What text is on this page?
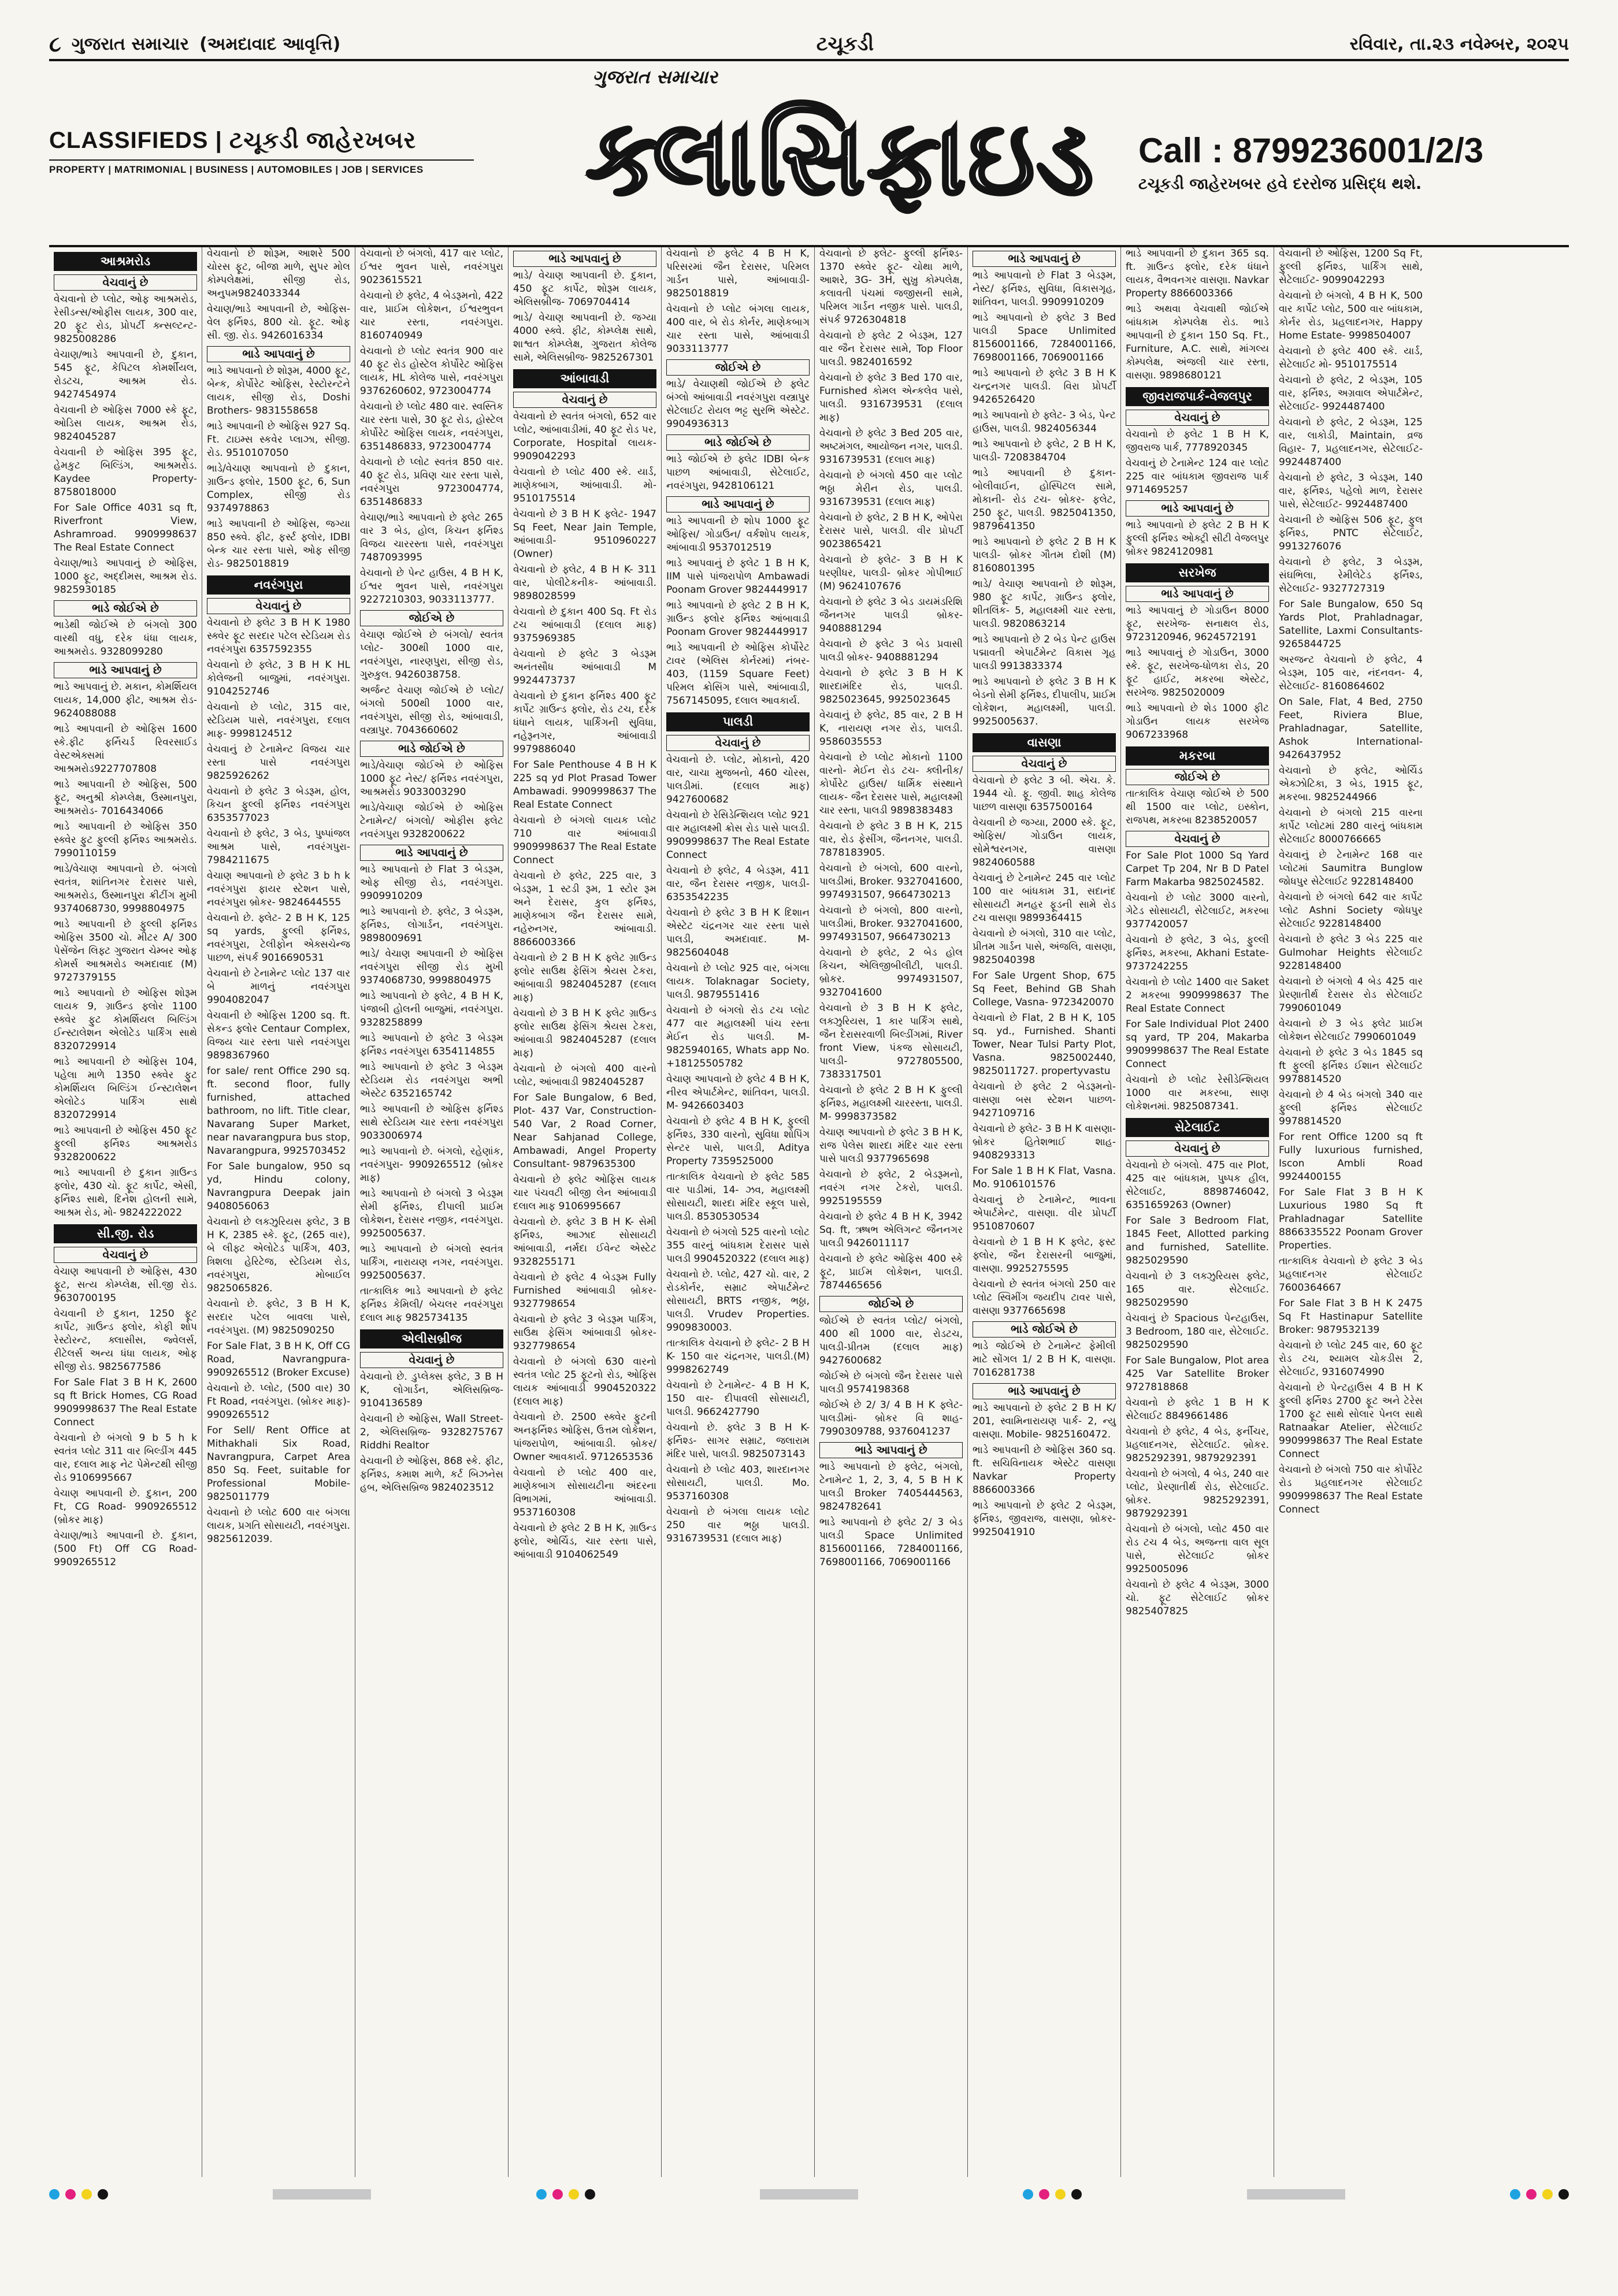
૮ ગુજરાત સમાચાર (અમદાવાદ આવૃત્તિ)	ટચૂકડી	રવિવાર, તા.૨૩ નવેમ્બર, ૨૦૨૫
CLASSIFIEDS | ટચૂકડી જાહેરખબર
PROPERTY | MATRIMONIAL | BUSINESS | AUTOMOBILES | JOB | SERVICES
ગુજરાત સમાચાર
ક્લાસિફાઇડ	Call : 8799236001/2/3
ટચૂકડી જાહેરખબર હવે દરરોજ પ્રસિદ્ધ થશે.
આશ્રમરોડ
વેચવાનું છે
વેચવાનો છે પ્લોટ, ઓફ આશ્રમરોડ, રેસીડન્સ/ઓફીસ લાયક, 300 વાર, 20 ફૂટ રોડ, પ્રોપર્ટી ક્ન્સલ્ટન્ટ- 9825008286
વેચાણ/ભાડે આપવાની છે, દુકાન, 545 ફૂટ, કેપિટલ કોમર્શીયલ, રોડટચ, આશ્રમ રોડ. 9427454974
વેચવાની છે ઓફિસ 7000 સ્કે ફૂટ, ઓડિસ લાયક, આશ્રમ રોડ, 9824045287
વેચવાની છે ઓફિસ 395 ફૂટ, હેમકુટ બિલ્ડિંગ, આશ્રમરોડ. Kaydee Property- 8758018000
For Sale Office 4031 sq ft, Riverfront View, Ashramroad. 9909998637 The Real Estate Connect
વેચાણ/ભાડે આપવાનું છે ઓફિસ, 1000 ફૂટ, અદ્દીમસ, આશ્રમ રોડ. 9825930185
ભાડે જોઈએ છે
ભાડેથી જોઈએ છે બંગલો 300 વારથી વધુ, દરેક ધંધા લાયક, આશ્રમરોડ. 9328099280
ભાડે આપવાનું છે
ભાડે આપવાનું છે. મકાન, કોમર્શિયલ લાયક, 14,000 ફીટ, આશ્રમ રોડ- 9624088088
ભાડે આપવાની છે ઓફિસ 1600 સ્કે.ફીટ ફર્નિચર્ડ રિવરસાઈડ વેસ્ટએક્સમાં આશ્રમરોડ9227707808
ભાડે આપવાની છે ઓફિસ, 500 ફૂટ, અનુશ્રી કોમ્પ્લેક્ષ, ઉસ્માનપુરા, આશ્રમરોડ- 7016434066
ભાડે આપવાની છે ઓફિસ 350 સ્ક્વેર ફુટ ફુલ્લી ફર્નિશ્ડ આશ્રમરોડ. 7990110159
ભાડે/વેચાણ આપવાનો છે. બંગલો સ્વતંત્ર, શાંતિનગર દેરાસર પાસે, આશ્રમરોડ, ઉસ્માનપુરા ક્રીટીંગ મુખી 9374068730, 9998804975
ભાડે આપવાની છે ફુલ્લી ફર્નિશ્ડ ઓફિસ 3500 ચો. મીટર A/ 300 પેસેંજેન લિફ્ટ ગુજરાત ચેમ્બર ઓફ કોમર્સ આશ્રમરોડ અમદાવાદ (M) 9727379155
ભાડે આપવાનો છે ઓફિસ શોરૂમ લાયક 9, ગ્રાઉન્ડ ફ્લોર 1100 સ્ક્વેર ફુટ કોમર્શિયલ બિલ્ડિંગ ઈન્સ્ટાલેશન એલોટેડ પાર્કિંગ સાથે 8320729914
ભાડે આપવાની છે ઓફિસ 104, પહેલા માળે 1350 સ્ક્વેર ફુટ કોમર્શિયલ બિલ્ડિંગ ઈન્સ્ટાલેશન એલોટેડ પાર્કિંગ સાથે 8320729914
ભાડે આપવાની છે ઓફિસ 450 ફૂટ ફુલ્લી ફર્નિશ્ડ આશ્રમરોડ 9328200622
ભાડે આપવાની છે દુકાન ગ્રાઉન્ડ ફ્લોર, 430 ચો. ફૂટ કાર્પેટ, એસી, ફર્નિશ્ડ સાથે, દિનેશ હોલની સામે, આશ્રમ રોડ, મો- 9824222022
સી.જી. રોડ
વેચવાનું છે
વેચાણ આપવાની છે ઓફિસ, 430 ફૂટ, સત્ય કોમ્પ્લેક્ષ, સી.જી રોડ. 9630700195
વેચવાની છે દુકાન, 1250 ફૂટ કાર્પેટ, ગ્રાઉન્ડ ફ્લોર, કોફી શોપ રેસ્ટોરન્ટ, ક્લાસીસ, જ્વેલર્સ, રીટેલર્સ અન્ય ધંધા લાયક, ઓફ સીજી રોડ. 9825677586
For Sale Flat 3 B H K, 2600 sq ft Brick Homes, CG Road 9909998637 The Real Estate Connect
વેચવાનો છે બંગલો 9 b 5 h k સ્વતંત્ર પ્લોટ 311 વાર બિલ્ડીંગ 445 વાર, દલાલ માફ નેટ પેમેન્ટથી સીજી રોડ 9106995667
વેચાણ આપવાની છે. દુકાન, 200 Ft, CG Road- 9909265512 (બ્રોકર માફ)
વેચાણ/ભાડે આપવાની છે. દુકાન, (500 Ft) Off CG Road- 9909265512
વેચવાનો છે શોરૂમ, આશરે 500 ચોરસ ફૂટ, બીજા માળે, સુપર મોલ કોમ્પલેક્ષમાં, સીજી રોડ, અનુપમ9824033344
વેચાણ/ભાડે આપવાની છે, ઓફિસ- વેલ ફર્નિશ્ડ, 800 ચો. ફૂટ. ઓફ સી. જી. રોડ. 9426016334
ભાડે આપવાનું છે
ભાડે આપવાનો છે શોરૂમ, 4000 ફૂટ, બેન્ક, કોર્પોરેટ ઓફિસ, રેસ્ટોરન્ટને લાયક, સીજી રોડ, Doshi Brothers- 9831558658
ભાડે આપવાની છે ઓફિસ 927 Sq. Ft. ટાઇમ્સ સ્કવેર પ્લાઝા, સીજી. રોડ. 9510107050
ભાડે/વેચાણ આપવાનો છે દુકાન, ગ્રાઉન્ડ ફ્લોર, 1500 ફૂટ, 6, Sun Complex, સીજી રોડ 9374978863
ભાડે આપવાની છે ઓફિસ, જગ્યા 850 સ્ક્વે. ફીટ, ફર્સ્ટ ફ્લોર, IDBI બેન્ક ચાર રસ્તા પાસે, ઓફ સીજી રોડ- 9825018819
નવરંગપુરા
વેચવાનું છે
વેચવાનો છે ફ્લેટ 3 B H K 1980 સ્ક્વેર ફૂટ સરદાર પટેલ સ્ટેડિયમ રોડ નવરંગપુરા 6357592355
વેચવાનો છે ફ્લેટ, 3 B H K HL કોલેજની બાજુમાં, નવરંગપુરા. 9104252746
વેચવાનો છે પ્લોટ, 315 વાર, સ્ટેડિયમ પાસે, નવરંગપુરા, દલાલ માફ- 9998124512
વેચવાનું છે ટેનામેન્ટ વિજય ચાર રસ્તા પાસે નવરંગપુરા 9825926262
વેચવાનો છે ફ્લેટ 3 બેડરૂમ, હોલ, કિચન ફુલ્લી ફર્નિશ્ડ નવરંગપુરા 6353577023
વેચવાનો છે ફ્લેટ, 3 બેડ, પુષ્પાંજલ આશ્રમ પાસે, નવરંગપુરા- 7984211675
વેચાણ આપવાનો છે ફ્લેટ 3 b h k નવરંગપુરા ફાયર સ્ટેશન પાસે, નવરંગપુરા બ્રોકર- 9824644555
વેચવાનો છે. ફ્લેટ- 2 B H K, 125 sq yards, ફુલ્લી ફર્નિશ્ડ, નવરંગપુરા, ટેલીફોન એક્સચેન્જ પાછળ, સંપર્ક 9016690531
વેચવાનો છે ટેનામેન્ટ પ્લોટ 137 વાર બે માળનું નવરંગપુરા 9904082047
વેચવાની છે ઓફિસ 1200 sq. ft. સેકન્ડ ફ્લોર Centaur Complex, વિજય ચાર રસ્તા પાસે નવરંગપુરા 9898367960
for sale/ rent Office 290 sq. ft. second floor, fully furnished, attached bathroom, no lift. Title clear, Navarang Super Market, near navarangpura bus stop, Navarangpura, 9925703452
For Sale bungalow, 950 sq yd, Hindu colony, Navrangpura Deepak jain 9408056063
વેચવાનો છે લક્ઝુરિયસ ફ્લેટ, 3 B H K, 2385 સ્કે. ફૂટ, (265 વાર), બે લીફ્ટ એલોટેડ પાર્કિંગ, 403, ત્રિશલા હેરિટેજ, સ્ટેડિયમ રોડ, નવરંગપુરા, મોબાઈલ 9825065826.
વેચવાનો છે. ફ્લેટ, 3 B H K, સરદાર પટેલ બાવલા પાસે, નવરંગપુરા. (M) 9825090250
For Sale Flat, 3 B H K, Off CG Road, Navrangpura- 9909265512 (Broker Excuse)
વેચવાનો છે. પ્લોટ, (500 વાર) 30 Ft Road, નવરંગપુરા. (બ્રોકર માફ)- 9909265512
For Sell/ Rent Office at Mithakhali Six Road, Navrangpura, Carpet Area 850 Sq. Feet, suitable for Professional Mobile- 9825011779
વેચવાનો છે પ્લોટ 600 વાર બંગલા લાયક, પ્રગતિ સોસાયટી, નવરંગપુરા. 9825612039.
વેચવાનો છે બંગલો, 417 વાર પ્લોટ, ઈશ્વર ભુવન પાસે, નવરંગપુરા 9023615521
વેચવાનો છે ફ્લેટ, 4 બેડરૂમનો, 422 વાર, પ્રાઈમ લોકેશન, ઈશ્વરભુવન ચાર રસ્તા, નવરંગપુરા. 8160740949
વેચવાનો છે પ્લોટ સ્વતંત્ર 900 વાર 40 ફૂટ રોડ હોસ્ટેલ કોર્પોરેટ ઓફિસ લાયક, HL કોલેજ પાસે, નવરંગપુરા 9376260602, 9723004774
વેચવાનો છે પ્લોટ 480 વાર. સ્વસ્તિક ચાર રસ્તા પાસે, 30 ફૂટ રોડ, હોસ્ટેલ કોર્પોરેટ ઓફિસ લાયક, નવરંગપુરા, 6351486833, 9723004774
વેચવાનો છે પ્લોટ સ્વતંત્ર 850 વાર. 40 ફૂટ રોડ, પ્રવિણ ચાર રસ્તા પાસે, નવરંગપુરા 9723004774, 6351486833
વેચાણ/ભાડે આપવાનો છે ફ્લેટ 265 વાર 3 બેડ, હોલ, કિચન ફર્નિશ્ડ વિજય ચારરસ્તા પાસે, નવરંગપુરા 7487093995
વેચવાનો છે પેન્ટ હાઉસ, 4 B H K, ઈશ્વર ભુવન પાસે, નવરંગપુરા 9227210303, 9033113777.
જોઈએ છે
વેચાણ જોઈએ છે બંગલો/ સ્વતંત્ર પ્લોટ- 300થી 1000 વાર, નવરંગપુરા, નારણપુરા, સીજી રોડ, ગુરુકુલ. 9426038758.
અર્જન્ટ વેચાણ જોઈએ છે પ્લોટ/બંગલો 500થી 1000 વાર, નવરંગપુરા, સીજી રોડ, આંબાવાડી, વસ્ત્રાપુર. 7043660602
ભાડે જોઈએ છે
ભાડે/વેચાણ જોઈએ છે ઓફિસ 1000 ફૂટ નેસ્ટ/ ફર્નિશ્ડ નવરંગપુરા, આશ્રમરોડ 9033003290
ભાડે/વેચાણ જોઈએ છે ઓફિસ ટેનામેન્ટ/ બંગલો/ ઓફીસ ફ્લેટ નવરંગપુરા 9328200622
ભાડે આપવાનું છે
ભાડે આપવાનો છે Flat 3 બેડરૂમ, ઓફ સીજી રોડ, નવરંગપુરા. 9909910209
ભાડે આપવાનો છે. ફ્લેટ, 3 બેડરૂમ, ફર્નિશ્ડ, લોગાર્ડન, નવરંગપુરા. 9898009691
ભાડે/ વેચાણ આપવાની છે ઓફિસ નવરંગપુરા સીજી રોડ મુખી 9374068730, 9998804975
ભાડે આપવાનો છે ફ્લેટ, 4 B H K, પંજાબી હોલની બાજુમાં, નવરંગપુરા. 9328258899
ભાડે આપવાનો છે ફ્લેટ 3 બેડરૂમ ફર્નિશ્ડ નવરંગપુરા 6354114855
ભાડે આપવાનો છે ફ્લેટ 3 બેડરૂમ સ્ટેડિયમ રોડ નવરંગપુરા અભી એસ્ટેટ 6352165742
ભાડે આપવાની છે ઓફિસ ફર્નિશ્ડ સાથે સ્ટેડિયમ ચાર રસ્તા નવરંગપુરા 9033006974
ભાડે આપવાનો છે. બંગલો, રહેણાંક, નવરંગપુરા- 9909265512 (બ્રોકર માફ)
ભાડે આપવાનો છે બંગલો 3 બેડરૂમ સેમી ફર્નિશ્ડ, દીપાલી પ્રાઈમ લોકેશન, દેરાસર નજીક, નવરંગપુરા. 9925005637.
ભાડે આપવાનો છે બંગલો સ્વતંત્ર પાર્કિંગ, નારાયણ નગર, નવરંગપુરા. 9925005637.
તાત્કાલિક ભાડે આપવાનો છે ફ્લેટ ફર્નિશ્ડ કેમિલી/ બેચલર નવરંગપુરા દલાલ માફ 9825734135
એલીસબ્રીજ
વેચવાનું છે
વેચવાનો છે. ડુપ્લેક્સ ફ્લેટ, 3 B H K, લોગાર્ડન, એલિસબ્રિજ- 9104136589
વેચવાની છે ઓફિસ, Wall Street- 2, એલિસબ્રિજ- 9328275767 Riddhi Realtor
વેચવાની છે ઓફિસ, 868 સ્કે. ફીટ, ફર્નિશ્ડ, કમાશ માળે, કર્ટ બિઝનેસ હબ, એલિસબ્રિજ 9824023512
ભાડે આપવાનું છે
ભાડે/ વેચાણ આપવાની છે. દુકાન, 450 ફૂટ કાર્પેટ, શોરૂમ લાયક, એલિસબ્રીજ- 7069704414
ભાડે/ વેચાણ આપવાની છે. જગ્યા 4000 સ્ક્વે. ફીટ, કોમ્પ્લેક્ષ સાથે, શાશ્વત કોમ્પ્લેક્ષ, ગુજરાત કોલેજ સામે, એલિસબ્રીજ- 9825267301
આંબાવાડી
વેચવાનું છે
વેચવાનો છે સ્વતંત્ર બંગલો, 652 વાર પ્લોટ, આંબાવાડીમાં, 40 ફૂટ રોડ પર, Corporate, Hospital લાયક- 9909042293
વેચવાનો છે પ્લોટ 400 સ્કે. યાર્ડ, માણેકબાગ, આંબાવાડી. મો- 9510175514
વેચવાનો છે 3 B H K ફ્લેટ- 1947 Sq Feet, Near Jain Temple, આંબાવાડી- 9510960227 (Owner)
વેચવાનો છે ફ્લેટ, 4 B H K- 311 વાર, પોલીટેકનીક- આંબાવાડી. 9898028599
વેચવાનો છે દુકાન 400 Sq. Ft રોડ ટચ આંબાવાડી (દલાલ માફ) 9375969385
વેચવાનો છે ફ્લેટ 3 બેડરૂમ અનંતસૌધ આંબાવાડી M 9924473737
વેચવાનો છે દુકાન ફર્નિશ્ડ 400 ફૂટ કાર્પેટ ગ્રાઉન્ડ ફ્લોર, રોડ ટચ, દરેક ધંધાને લાયક, પાર્કિંગની સુવિધા, નહેરૂનગર, આંબાવાડી 9979886040
For Sale Penthouse 4 B H K 225 sq yd Plot Prasad Tower Ambawadi. 9909998637 The Real Estate Connect
વેચવાનો છે બંગલો લાયક પ્લોટ 710 વાર આંબાવાડી 9909998637 The Real Estate Connect
વેચવાનો છે ફ્લેટ, 225 વાર, 3 બેડરૂમ, 1 સ્ટડી રૂમ, 1 સ્ટોર રૂમ અને દેરાસર, કુલ ફર્નિશ્ડ, માણેકબાગ જૈન દેરાસર સામે, નહેરુનગર, આંબાવાડી. 8866003366
વેચવાનો છે 2 B H K ફ્લેટ ગ્રાઉન્ડ ફ્લોર સાઉથ ફેસિંગ શ્રેયસ ટેકરા, આંબાવાડી 9824045287 (દલાલ માફ)
વેચવાનો છે 3 B H K ફ્લેટ ગ્રાઉન્ડ ફ્લોર સાઉથ ફેસિંગ શ્રેયસ ટેકરા, આંબાવાડી 9824045287 (દલાલ માફ)
વેચવાનો છે બંગલો 400 વારનો પ્લોટ, આંબાવાડી 9824045287
For Sale Bungalow, 6 Bed, Plot- 437 Var, Construction- 540 Var, 2 Road Corner, Near Sahjanad College, Ambawadi, Angel Property Consultant- 9879635300
વેચવાનો છે ફ્લેટ ઓફિસ લાયક ચાર પંચવટી બીજી લેન આંબાવાડી દલાલ માફ 9106995667
વેચવાનો છે. ફ્લેટ 3 B H K- સેમી ફર્નિશ્ડ, આઝાદ સોસાયટી આંબાવાડી, નર્મદા ઈવેન્ટ એસ્ટેટ 9328255171
વેચવાનો છે ફ્લેટ 4 બેડરૂમ Fully Furnished આંબાવાડી બ્રોકર- 9327798654
વેચવાનો છે ફ્લેટ 3 બેડરૂમ પાર્કિંગ, સાઉથ ફેસિંગ આંબાવાડી બ્રોકર- 9327798654
વેચવાનો છે બંગલો 630 વારનો સ્વતંત્ર પ્લોટ 25 ફૂટનો રોડ, ઓફિસ લાયક આંબાવાડી 9904520322 (દલાલ માફ)
વેચવાનો છે. 2500 સ્ક્વેર ફુટની અનફર્નિશ્ડ ઓફિસ, ઉત્તમ લોકેશન, પાંજરાપોળ, આંબાવાડી. બ્રોકર/ Owner આવકાર્ય. 9712653536
વેચવાનો છે પ્લોટ 400 વાર, માણેકબાગ સોસાયટીના અંદરના વિભાગમાં, આંબાવાડી. 9537160308
વેચવાનો છે ફ્લેટ 2 B H K, ગ્રાઉન્ડ ફ્લોર, ઓર્ચિડ, ચાર રસ્તા પાસે, આંબાવાડી 9104062549
વેચવાનો છે ફ્લેટ 4 B H K, પરિસરમાં જૈન દેરાસર, પરિમલ ગાર્ડન પાસે, આંબાવાડી- 9825018819
વેચવાનો છે પ્લોટ બંગલા લાયક, 400 વાર, બે રોડ કોર્નર, માણેકબાગ ચાર રસ્તા પાસે, આંબાવાડી 9033113777
જોઈએ છે
ભાડે/ વેચાણથી જોઈએ છે ફ્લેટ બંગ્લો આંબાવાડી નવરંગપુરા વસ્ત્રાપુર સેટેલાઈટ રોયલ ભટ્ટ સુરભિ એસ્ટેટ. 9904936313
ભાડે જોઈએ છે
ભાડે જોઈએ છે ફ્લેટ IDBI બેન્ક પાછળ આંબાવાડી, સેટેલાઈટ, નવરંગપુરા, 9428106121
ભાડે આપવાનું છે
ભાડે આપવાની છે શોપ 1000 ફૂટ ઓફિસ/ ગોડાઉન/ વર્કશોપ લાયક, આંબાવાડી 9537012519
ભાડે આપવાનું છે ફ્લેટ 1 B H K, IIM પાસે પાંજરાપોળ Ambawadi Poonam Grover 9824449917
ભાડે આપવાનો છે ફ્લેટ 2 B H K, ગ્રાઉન્ડ ફ્લોર ફર્નિશ્ડ આંબાવાડી Poonam Grover 9824449917
ભાડે આપવાની છે ઓફિસ કોર્પોરેટ ટાવર (એલિસ કોર્નરમાં) નંબર- 403, (1159 Square Feet) પરિમલ ક્રોસિંગ પાસે, આંબાવાડી, 7567145095, દલાલ આવકાર્ય.
પાલડી
વેચવાનું છે
વેચવાનો છે. પ્લોટ, મોકાનો, 420 વાર, ચાચા મુજબનો, 460 ચોરસ, પાલડીમાં. (દલાલ માફ) 9427600682
વેચવાનો છે રેસિડેન્શિયલ પ્લોટ 921 વાર મહાલક્ષ્મી ક્રોસ રોડ પાસે પાલડી. 9909998637 The Real Estate Connect
વેચવાનો છે ફ્લેટ, 4 બેડરૂમ, 411 વાર, જૈન દેરાસર નજીક, પાલડી- 6353542235
વેચવાનો છે ફ્લેટ 3 B H K દિશાન એસ્ટેટ ચંદ્રનગર ચાર રસ્તા પાસે પાલડી, અમદાવાદ. M- 9825604048
વેચવાનો છે પ્લોટ 925 વાર, બંગલા લાયક. Tolaknagar Society, પાલડી. 9879551416
વેચવાનો છે બંગલો રોડ ટચ પ્લોટ 477 વાર મહાલક્ષ્મી પાંચ રસ્તા મેઈન રોડ પાલડી. M- 9825940165, Whats app No. +18125505782
વેચાણ આપવાનો છે ફ્લેટ 4 B H K, નીરવ એપાર્ટમેન્ટ, શાંતિવન, પાલડી. M- 9426603403
વેચવાનો છે ફ્લેટ 4 B H K, ફુલ્લી ફર્નિશ્ડ, 330 વારનો, સુવિધા શોપિંગ સેન્ટર પાસે, પાલડી, Aditya Property 7359525000
તાત્કાલિક વેચવાનો છે ફ્લેટ 585 વાર પાડીમાં, 14- ઝવ, મહાલક્ષ્મી સોસાયટી, શારદા મંદિર સ્કૂલ પાસે, પાલડી. 8530530534
વેચવાનો છે બંગલો 525 વારનો પ્લોટ 355 વારનું બાંધકામ દેરાસર પાસે પાલડી 9904520322 (દલાલ માફ)
વેચવાનો છે. પ્લોટ, 427 ચો. વાર, 2 રોડકોર્નર, સમ્રાટ એપાર્ટમેન્ટ સોસાયટી, BRTS નજીક, ભઠ્ઠા, પાલડી. Vrudev Properties. 9909830003.
તાત્કાલિક વેચવાનો છે ફ્લેટ- 2 B H K- 150 વાર ચંદ્રનગર, પાલડી.(M) 9998262749
વેચવાનો છે ટેનામેન્ટ- 4 B H K, 150 વાર- દીપાવલી સોસાયટી, પાલડી. 9662427790
વેચવાનો છે. ફ્લેટ 3 B H K- ફર્નિશ્ડ- સાગર સમ્રાટ, જલારામ મંદિર પાસે, પાલડી. 9825073143
વેચવાનો છે પ્લોટ 403, શારદાનગર સોસાયટી, પાલડી. Mo. 9537160308
વેચવાનો છે બંગલા લાયક પ્લોટ 250 વાર ભઠ્ઠા પાલડી. 9316739531 (દલાલ માફ)
વેચવાનો છે ફ્લેટ- ફુલ્લી ફર્નિશ્ડ- 1370 સ્ક્વેર ફૂટ- ચોથા માળે, આશરે, 3G- 3H, સુખ્રુ કોમ્પલેક્ષ, કલાવતી પંચમાં જજીસની સામે, પરિમલ ગાર્ડન નજીક પાસે. પાલડી, સંપર્ક 9726304818
વેચવાનો છે ફ્લેટ 2 બેડરૂમ, 127 વાર જૈન દેરાસર સામે, Top Floor પાલડી. 9824016592
વેચવાનો છે ફ્લેટ 3 Bed 170 વાર, Furnished કોમલ એન્કલેવ પાસે, પાલડી. 9316739531 (દલાલ માફ)
વેચવાનો છે ફ્લેટ 3 Bed 205 વાર, અષ્ટમંગલ, આયોજન નગર, પાલડી. 9316739531 (દલાલ માફ)
વેચવાનો છે બંગલો 450 વાર પ્લોટ ભઠ્ઠા મેરીન રોડ, પાલડી. 9316739531 (દલાલ માફ)
વેચવાનો છે ફ્લેટ, 2 B H K, ઓપેરા દેરાસર પાસે, પાલડી. વીર પ્રોપર્ટી 9023865421
વેચવાનો છે ફ્લેટ- 3 B H K ધરણીધર, પાલડી- બ્રોકર ગોપીભાઈ (M) 9624107676
વેચવાનો છે ફ્લેટ 3 બેડ ડાયમંડરિશિ જૈનનગર પાલડી બ્રોકર- 9408881294
વેચવાનો છે ફ્લેટ 3 બેડ પ્રવાસી પાલડી બ્રોકર- 9408881294
વેચવાનો છે ફ્લેટ 3 B H K શારદામંદિર રોડ, પાલડી. 9825023645, 9925023645
વેચવાનું છે ફ્લેટ, 85 વાર, 2 B H K, નારાયણ નગર રોડ, પાલડી. 9586035553
વેચવાનો છે પ્લોટ મોકાનો 1100 વારનો- મેઈન રોડ ટચ- ક્લીનીક/ કોર્પોરેટ હાઉસ/ ધાર્મિક સંસ્થાને લાયક- જૈન દેરાસર પાસે, મહાલક્ષ્મી ચાર રસ્તા, પાલડી 9898383483
વેચવાનો છે ફ્લેટ 3 B H K, 215 વાર, રોડ ફેસીંગ, જૈનનગર, પાલડી. 7878183905.
વેચવાનો છે બંગલો, 600 વારનો, પાલડીમાં, Broker. 9327041600, 9974931507, 9664730213
વેચવાનો છે બંગલો, 800 વારનો, પાલડીમાં, Broker. 9327041600, 9974931507, 9664730213
વેચવાનો છે ફ્લેટ, 2 બેડ હોલ કિચન, એલિજીબીલીટી, પાલડી. બ્રોકર. 9974931507, 9327041600
વેચવાનો છે 3 B H K ફ્લેટ, લક્ઝુરિયસ, 1 કાર પાર્કિંગ સાથે, જૈન દેરાસરવાળી બિલ્ડીંગમાં, River front View, પંકજ સોસાયટી, પાલડી- 9727805500, 7383317501
વેચવાનો છે ફ્લેટ 2 B H K ફુલ્લી ફર્નિશ્ડ, મહાલક્ષ્મી ચારરસ્તા, પાલડી. M- 9998373582
વેચાણ આપવાનો છે ફ્લેટ 3 B H K, રાજ પેલેસ શારદા મંદિર ચાર રસ્તા પાસે પાલડી 9377965698
વેચવાનો છે ફ્લેટ, 2 બેડરૂમનો, નવરંગ નગર ટેકરો, પાલડી. 9925195559
વેચવાનો છે ફ્લેટ 4 B H K, 3942 Sq. ft, ઋષભ એલિગન્ટ જૈનનગર પાલડી 9426011117
વેચવાનો છે ફ્લેટ ઓફિસ 400 સ્કે ફૂટ, પ્રાઈમ લોકેશન, પાલડી. 7874465656
જોઈએ છે
જોઈએ છે સ્વતંત્ર પ્લોટ/ બંગલો, 400 થી 1000 વાર, રોડટચ, પાલડી-પ્રીતમ (દલાલ માફ) 9427600682
જોઈએ છે બંગલો જૈન દેરાસર પાસે પાલડી 9574198368
જોઈએ છે 2/ 3/ 4 B H K ફ્લેટ- પાલડીમાં- બ્રોકર વિ શાહ- 7990309788, 9376041237
ભાડે આપવાનું છે
ભાડે આપવાનો છે ફ્લેટ, બંગલો, ટેનામેન્ટ 1, 2, 3, 4, 5 B H K પાલડી Broker 7405444563, 9824782641
ભાડે આપવાનો છે ફ્લેટ 2/ 3 બેડ પાલડી Space Unlimited 8156001166, 7284001166, 7698001166, 7069001166
ભાડે આપવાનું છે
ભાડે આપવાનો છે Flat 3 બેડરૂમ, નેસ્ટ/ ફર્નિશ્ડ, સુવિધા, વિકાસગૃહ, શાંતિવન, પાલડી. 9909910209
ભાડે આપવાનો છે ફ્લેટ 3 Bed પાલડી Space Unlimited 8156001166, 7284001166, 7698001166, 7069001166
ભાડે આપવાનો છે ફ્લેટ 3 B H K ચન્દ્રનગર પાલડી. વિરા પ્રોપર્ટી 9426526420
ભાડે આપવાનો છે ફ્લેટ- 3 બેડ, પેન્ટ હાઉસ, પાલડી. 9824056344
ભાડે આપવાનો છે ફ્લેટ, 2 B H K, પાલડી- 7208384704
ભાડે આપવાની છે દુકાન- બોલીવાઈન, હોસ્પિટલ સામે, મોકાની- રોડ ટચ- બ્રોકર- ફલેટ, 250 ફૂટ, પાલડી. 9825041350, 9879641350
ભાડે આપવાનો છે ફ્લેટ 2 B H K પાલડી- બ્રોકર ગૌતમ દોશી (M) 8160801395
ભાડે/ વેચાણ આપવાનો છે શોરૂમ, 980 ફૂટ કાર્પેટ, ગ્રાઉન્ડ ફ્લોર, શીતલિંક- 5, મહાલક્ષ્મી ચાર રસ્તા, પાલડી. 9820863214
ભાડે આપવાનો છે 2 બેડ પેન્ટ હાઉસ પદ્માવતી એપાર્ટમેન્ટ વિકાસ ગૃહ પાલડી 9913833374
ભાડે આપવાનો છે ફ્લેટ 3 B H K બેડનો સેમી ફર્નિશ્ડ, દીપાલીપ, પ્રાઈમ લોકેશન, મહાલક્ષ્મી, પાલડી. 9925005637.
વાસણા
વેચવાનું છે
વેચવાનો છે ફ્લેટ 3 બી. એચ. કે. 1944 ચો. ફૂ. જીવી. શાહ કોલેજ પાછળ વાસણા 6357500164
વેચવાની છે જગ્યા, 2000 સ્કે. ફૂટ, ઓફિસ/ ગોડાઉન લાયક, સોમેશ્વરનગર, વાસણા 9824060588
વેચવાનું છે ટેનામેન્ટ 245 વાર પ્લોટ 100 વાર બાંધકામ 31, સદાનંદ સોસાયટી મનહર ફૂડની સામે રોડ ટચ વાસણા 9899364415
વેચવાનો છે બંગલો, 310 વાર પ્લોટ, પ્રીતમ ગાર્ડન પાસે, અંજલિ, વાસણા, 9825040398
For Sale Urgent Shop, 675 Sq Feet, Behind GB Shah College, Vasna- 9723420070
વેચવાનો છે Flat, 2 B H K, 105 sq. yd., Furnished. Shanti Tower, Near Tulsi Party Plot, Vasna. 9825002440, 9825011727. propertyvastu
વેચવાનો છે ફ્લેટ 2 બેડરૂમનો- વાસણા બસ સ્ટેશન પાછળ- 9427109716
વેચવાનો છે ફ્લેટ- 3 B H K વાસણા- બ્રોકર હિતેશભાઈ શાહ- 9408293313
For Sale 1 B H K Flat, Vasna. Mo. 9106101576
વેચવાનું છે ટેનામેન્ટ, ભાવના એપાર્ટમેન્ટ, વાસણા. વીર પ્રોપર્ટી 9510870607
વેચવાનો છે 1 B H K ફ્લેટ, ફસ્ટ ફ્લોર, જૈન દેરાસરની બાજુમાં, વાસણા. 9925275595
વેચવાનો છે સ્વતંત્ર બંગલો 250 વાર પ્લોટ સ્વિમીંગ જયદીપ ટાવર પાસે, વાસણા 9377665698
ભાડે જોઈએ છે
ભાડે જોઈએ છે ટેનામેન્ટ ફેમીલી માટે સોંગલ 1/ 2 B H K, વાસણા. 7016281738
ભાડે આપવાનું છે
ભાડે આપવાનો છે ફ્લેટ 2 B H K/ 201, સ્વામિનારાયણ પાર્ક- 2, ન્યુ વાસણા. Mobile- 9825160472.
ભાડે આપવાની છે ઓફિસ 360 sq. ft. સચિવિનાયક એસ્ટેટ વાસણા Navkar Property 8866003366
ભાડે આપવાનો છે ફ્લેટ 2 બેડરૂમ, ફર્નિશ્ડ, જીવરાજ, વાસણા, બ્રોકર- 9925041910
ભાડે આપવાની છે દુકાન 365 sq. ft. ગ્રાઉન્ડ ફ્લોર, દરેક ધંધાને લાયક, વૈભવનગર વાસણા. Navkar Property 8866003366
ભાડે અથવા વેચવાથી જોઈએ બાંધકામ કોમ્પલેક્ષ રોડ. ભાડે આપવાની છે દુકાન 150 Sq. Ft., Furniture, A.C. સાથે, માંગલ્ય કોમ્પલેક્ષ, અંજલી ચાર રસ્તા, વાસણા. 9898680121
જીવરાજપાર્ક-વેજલપુર
વેચવાનું છે
વેચવાનો છે ફ્લેટ 1 B H K, જીવરાજ પાર્ક, 7778920345
વેચવાનું છે ટેનામેન્ટ 124 વાર પ્લોટ 225 વાર બાંધકામ જીવરાજ પાર્ક 9714695257
ભાડે આપવાનું છે
ભાડે આપવાનો છે ફ્લેટ 2 B H K ફુલ્લી ફર્નિશ્ડ ઓક્ટ્રી સીટી વેજલપુર બ્રોકર 9824120981
સરખેજ
ભાડે આપવાનું છે
ભાડે આપવાનું છે ગોડાઉન 8000 ફૂટ, સરખેજ- સનાથલ રોડ, 9723120946, 9624572191
ભાડે આપવાનું છે ગોડાઉન, 3000 સ્કે. ફૂટ, સરખેજ-ધોળકા રોડ, 20 ફૂટ હાઈટ, મકરબા એસ્ટેટ, સરખેજ. 9825020009
ભાડે આપવાનો છે શેડ 1000 ફીટ ગોડાઉન લાયક સરખેજ 9067233968
મકરબા
જોઈએ છે
તાત્કાલિક વેચાણ જોઈએ છે 500 થી 1500 વાર પ્લોટ, ઇસ્કોન, રાજપથ, મકરબા 8238520057
વેચવાનું છે
For Sale Plot 1000 Sq Yard Carpet Tp 204, Nr B D Patel Farm Makarba 9825024582.
વેચવાનો છે પ્લોટ 3000 વારનો, ગેટેડ સોસાયટી, સેટેલાઈટ, મકરબા 9377420057
વેચવાનો છે ફ્લેટ, 3 બેડ, ફુલ્લી ફર્નિશ્ડ, મકરબા, Akhani Estate- 9737242255
વેચવાનો છે પ્લોટ 1400 વાર Saket 2 મકરબા 9909998637 The Real Estate Connect
For Sale Individual Plot 2400 sq yard, TP 204, Makarba 9909998637 The Real Estate Connect
વેચવાનો છે પ્લોટ રેસીડેન્શિયલ 1000 વાર મકરબા, સાણ લોકેશનમાં. 9825087341.
સેટેલાઈટ
વેચવાનું છે
વેચવાનો છે બંગલો. 475 વાર Plot, 425 વાર બાંધકામ, પુષ્પક હીલ, સેટેલાઈટ, 8898746042, 6351659263 (Owner)
For Sale 3 Bedroom Flat, 1845 Feet, Allotted parking and furnished, Satellite. 9825029590
વેચવાનો છે 3 લક્ઝુરિયસ ફ્લેટ, 165 વાર. સેટેલાઈટ. 9825029590
વેચવાનું છે Spacious પેન્ટહાઉસ, 3 Bedroom, 180 વાર, સેટેલાઈટ. 9825029590
For Sale Bungalow, Plot area 425 Var Satellite Broker 9727818868
વેચવાનો છે ફ્લેટ 1 B H K સેટેલાઈટ 8849661486
વેચવાનો છે ફ્લેટ, 4 બેડ, ફર્નીચર, પ્રહલાદનગર, સેટેલાઈટ. બ્રોકર. 9825292391, 9879292391
વેચવાનો છે બંગલો, 4 બેડ, 240 વાર પ્લોટ, પ્રેરણાતીર્થ રોડ, સેટેલાઈટ. બ્રોકર. 9825292391, 9879292391
વેચવાનો છે બંગલો, પ્લોટ 450 વાર રોડ ટચ 4 બેડ, અજન્તા વાલ સૂલ પાસે, સેટેલાઈટ બ્રોકર 9925005096
વેચવાનો છે ફ્લેટ 4 બેડરૂમ, 3000 ચો. ફૂટ સેટેલાઈટ બ્રોકર 9825407825
વેચવાની છે ઓફિસ, 1200 Sq Ft, ફુલ્લી ફર્નિશ્ડ, પાર્કિંગ સાથે, સેટેલાઈટ- 9099042293
વેચવાનો છે બંગલો, 4 B H K, 500 વાર કાર્પેટ પ્લોટ, 500 વાર બાંધકામ, કોર્નર રોડ, પ્રહલાદનગર, Happy Home Estate- 9998504007
વેચવાનો છે ફ્લેટ 400 સ્કે. યાર્ડ, સેટેલાઈટ મો- 9510175514
વેચવાનો છે ફ્લેટ, 2 બેડરૂમ, 105 વાર, ફર્નિશ્ડ, અગ્રવાલ એપાર્ટમેન્ટ, સેટેલાઈટ- 9924487400
વેચવાનો છે ફ્લેટ, 2 બેડરૂમ, 125 વાર, લાકોડી, Maintain, વ્રજ વિહાર- 7, પ્રહલાદનગર, સેટેલાઈટ- 9924487400
વેચવાનો છે ફ્લેટ, 3 બેડરૂમ, 140 વાર, ફર્નિશ્ડ, પહેલો માળ, દેરાસર પાસે, સેટેલાઈટ- 9924487400
વેચવાની છે ઓફિસ 506 ફૂટ, ફુલ ફર્નિશ્ડ, PNTC સેટેલાઈટ, 9913276076
વેચવાનો છે ફ્લેટ, 3 બેડરૂમ, સંઘભિલા, રેમીલેટેડ ફર્નિશ્ડ, સેટેલાઈટ- 9327727319
For Sale Bungalow, 650 Sq Yards Plot, Prahladnagar, Satellite, Laxmi Consultants- 9265844725
અરજન્ટ વેચવાનો છે ફ્લેટ, 4 બેડરૂમ, 105 વાર, નંદનવન- 4, સેટેલાઈટ- 8160864602
On Sale, Flat, 4 Bed, 2750 Feet, Riviera Blue, Prahladnagar, Satellite, Ashok International- 9426437952
વેચવાનો છે ફ્લેટ, ઓર્ચિડ એક્ઝોટિકા, 3 બેડ, 1915 ફૂટ, મકરબા. 9825244966
વેચવાનો છે બંગલો 215 વારના કાર્પેટ પ્લોટમાં 280 વારનું બાંધકામ સેટેલાઈટ 8000766665
વેચવાનું છે ટેનામેન્ટ 168 વાર પ્લોટમાં Saumitra Bunglow જોધપુર સેટેલાઈટ 9228148400
વેચવાનો છે બંગલો 642 વાર કાર્પેટ પ્લોટ Ashni Society જોધપુર સેટેલાઈટ 9228148400
વેચવાનો છે ફ્લેટ 3 બેડ 225 વાર Gulmohar Heights સેટેલાઈટ 9228148400
વેચવાનો છે બંગલો 4 બેડ 425 વાર પ્રેરણાતીર્થ દેરાસર રોડ સેટેલાઈટ 7990601049
વેચવાનો છે 3 બેડ ફ્લેટ પ્રાઈમ લોકેશન સેટેલાઈટ 7990601049
વેચવાનો છે ફ્લેટ 3 બેડ 1845 sq ft ફુલ્લી ફર્નિશ્ડ ઈશાન સેટેલાઈટ 9978814520
વેચવાનો છે 4 બેડ બંગલો 340 વાર ફુલ્લી ફર્નિશ્ડ સેટેલાઈટ 9978814520
For rent Office 1200 sq ft Fully luxurious furnished, Iscon Ambli Road 9924400155
For Sale Flat 3 B H K Luxurious 1980 Sq ft Prahladnagar Satellite 8866335522 Poonam Grover Properties.
તાત્કાલિક વેચવાનો છે ફ્લેટ 3 બેડ પ્રહલાદનગર સેટેલાઈટ 7600364667
For Sale Flat 3 B H K 2475 Sq Ft Hastinapur Satellite Broker: 9879532139
વેચવાનો છે પ્લોટ 245 વાર, 60 ફૂટ રોડ ટચ, શ્યામલ ચોકડીસ 2, સેટેલાઈટ, 9316074990
વેચવાનો છે પેન્ટહાઉસ 4 B H K ફુલ્લી ફર્નિશ્ડ 2700 ફૂટ અને ટેરેસ 1700 ફૂટ સાથે સોલાર પેનલ સાથે Ratnaakar Atelier, સેટેલાઈટ 9909998637 The Real Estate Connect
વેચવાનો છે બંગલો 750 વાર કોર્પોરેટ રોડ પ્રહલાદનગર સેટેલાઈટ 9909998637 The Real Estate Connect
